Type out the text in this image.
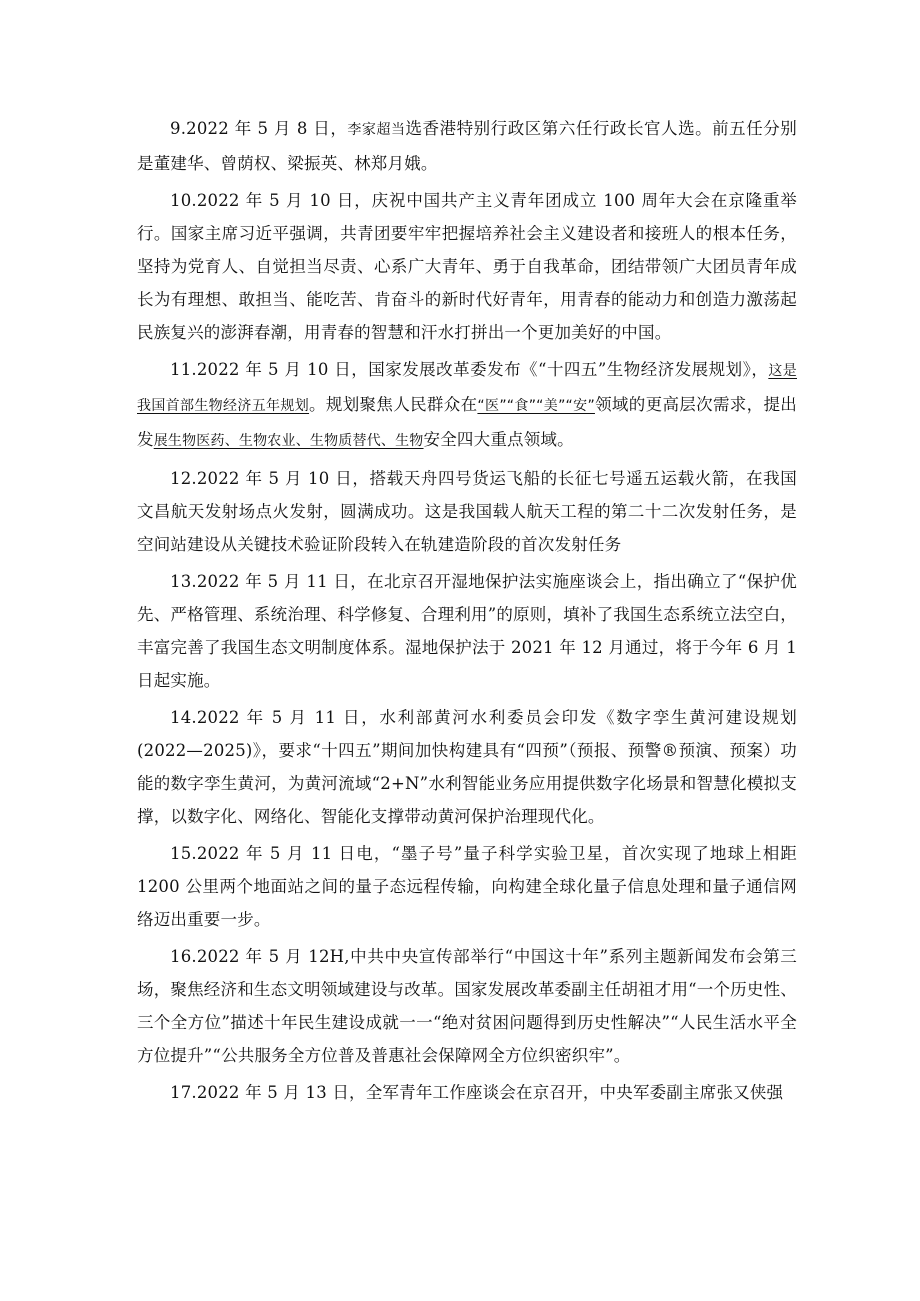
9.2022 年 5 月 8 日，李家超当选香港特别行政区第六任行政长官人选。前五任分别是董建华、曾荫权、梁振英、林郑月娥。

10.2022 年 5 月 10 日，庆祝中国共产主义青年团成立 100 周年大会在京隆重举行。国家主席习近平强调，共青团要牢牢把握培养社会主义建设者和接班人的根本任务，坚持为党育人、自觉担当尽责、心系广大青年、勇于自我革命，团结带领广大团员青年成长为有理想、敢担当、能吃苦、肯奋斗的新时代好青年，用青春的能动力和创造力激荡起民族复兴的澎湃春潮，用青春的智慧和汗水打拼出一个更加美好的中国。

11.2022 年 5 月 10 日，国家发展改革委发布《“十四五”生物经济发展规划》，这是我国首部生物经济五年规划。规划聚焦人民群众在“医”“食”“美”“安”领域的更高层次需求，提出发展生物医药、生物农业、生物质替代、生物安全四大重点领域。

12.2022 年 5 月 10 日，搭载天舟四号货运飞船的长征七号遥五运载火箭，在我国文昌航天发射场点火发射，圆满成功。这是我国载人航天工程的第二十二次发射任务，是空间站建设从关键技术验证阶段转入在轨建造阶段的首次发射任务

13.2022 年 5 月 11 日，在北京召开湿地保护法实施座谈会上，指出确立了“保护优先、严格管理、系统治理、科学修复、合理利用”的原则，填补了我国生态系统立法空白，丰富完善了我国生态文明制度体系。湿地保护法于 2021 年 12 月通过，将于今年 6 月 1 日起实施。

14.2022 年 5 月 11 日，水利部黄河水利委员会印发《数字孪生黄河建设规划(2022—2025)》，要求“十四五”期间加快构建具有“四预”（预报、预警®预演、预案）功能的数字孪生黄河，为黄河流域“2+N”水利智能业务应用提供数字化场景和智慧化模拟支撑，以数字化、网络化、智能化支撑带动黄河保护治理现代化。

15.2022 年 5 月 11 日电，“墨子号”量子科学实验卫星，首次实现了地球上相距 1200 公里两个地面站之间的量子态远程传输，向构建全球化量子信息处理和量子通信网络迈出重要一步。

16.2022 年 5 月 12H,中共中央宣传部举行“中国这十年”系列主题新闻发布会第三场，聚焦经济和生态文明领域建设与改革。国家发展改革委副主任胡祖才用“一个历史性、三个全方位”描述十年民生建设成就一一“绝对贫困问题得到历史性解决”“人民生活水平全方位提升”“公共服务全方位普及普惠社会保障网全方位织密织牢”。

17.2022 年 5 月 13 日，全军青年工作座谈会在京召开，中央军委副主席张又侠强
